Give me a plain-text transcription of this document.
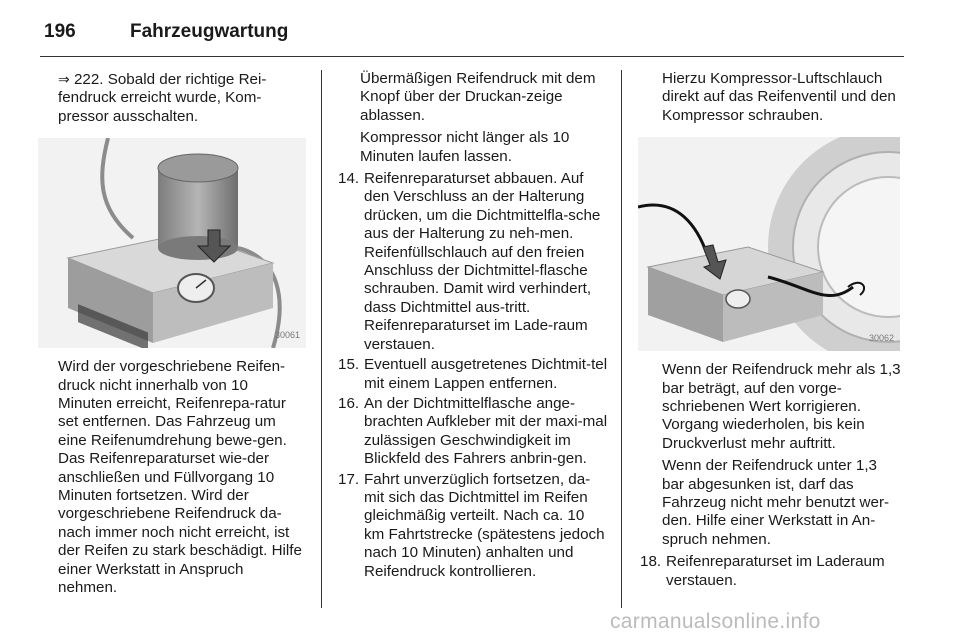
196	Fahrzeugwartung

⇒ 222. Sobald der richtige Rei-fendruck erreicht wurde, Kom-pressor ausschalten.

30061

Wird der vorgeschriebene Reifen-druck nicht innerhalb von 10 Minuten erreicht, Reifenrepa-ratur set entfernen. Das Fahrzeug um eine Reifenumdrehung bewe-gen. Das Reifenreparaturset wie-der anschließen und Füllvorgang 10 Minuten fortsetzen. Wird der vorgeschriebene Reifendruck da-nach immer noch nicht erreicht, ist der Reifen zu stark beschädigt. Hilfe einer Werkstatt in Anspruch nehmen.

Übermäßigen Reifendruck mit dem Knopf über der Druckan-zeige ablassen.

Kompressor nicht länger als 10 Minuten laufen lassen.

14. Reifenreparaturset abbauen. Auf den Verschluss an der Halterung drücken, um die Dichtmittelfla-sche aus der Halterung zu neh-men. Reifenfüllschlauch auf den freien Anschluss der Dichtmittel-flasche schrauben. Damit wird verhindert, dass Dichtmittel aus-tritt. Reifenreparaturset im Lade-raum verstauen.
15. Eventuell ausgetretenes Dichtmit-tel mit einem Lappen entfernen.
16. An der Dichtmittelflasche ange-brachten Aufkleber mit der maxi-mal zulässigen Geschwindigkeit im Blickfeld des Fahrers anbrin-gen.
17. Fahrt unverzüglich fortsetzen, da-mit sich das Dichtmittel im Reifen gleichmäßig verteilt. Nach ca. 10 km Fahrtstrecke (spätestens jedoch nach 10 Minuten) anhalten und Reifendruck kontrollieren.

Hierzu Kompressor-Luftschlauch direkt auf das Reifenventil und den Kompressor schrauben.

30062

Wenn der Reifendruck mehr als 1,3 bar beträgt, auf den vorge-schriebenen Wert korrigieren. Vorgang wiederholen, bis kein Druckverlust mehr auftritt.

Wenn der Reifendruck unter 1,3 bar abgesunken ist, darf das Fahrzeug nicht mehr benutzt wer-den. Hilfe einer Werkstatt in An-spruch nehmen.

18. Reifenreparaturset im Laderaum verstauen.
carmanualsonline.info
